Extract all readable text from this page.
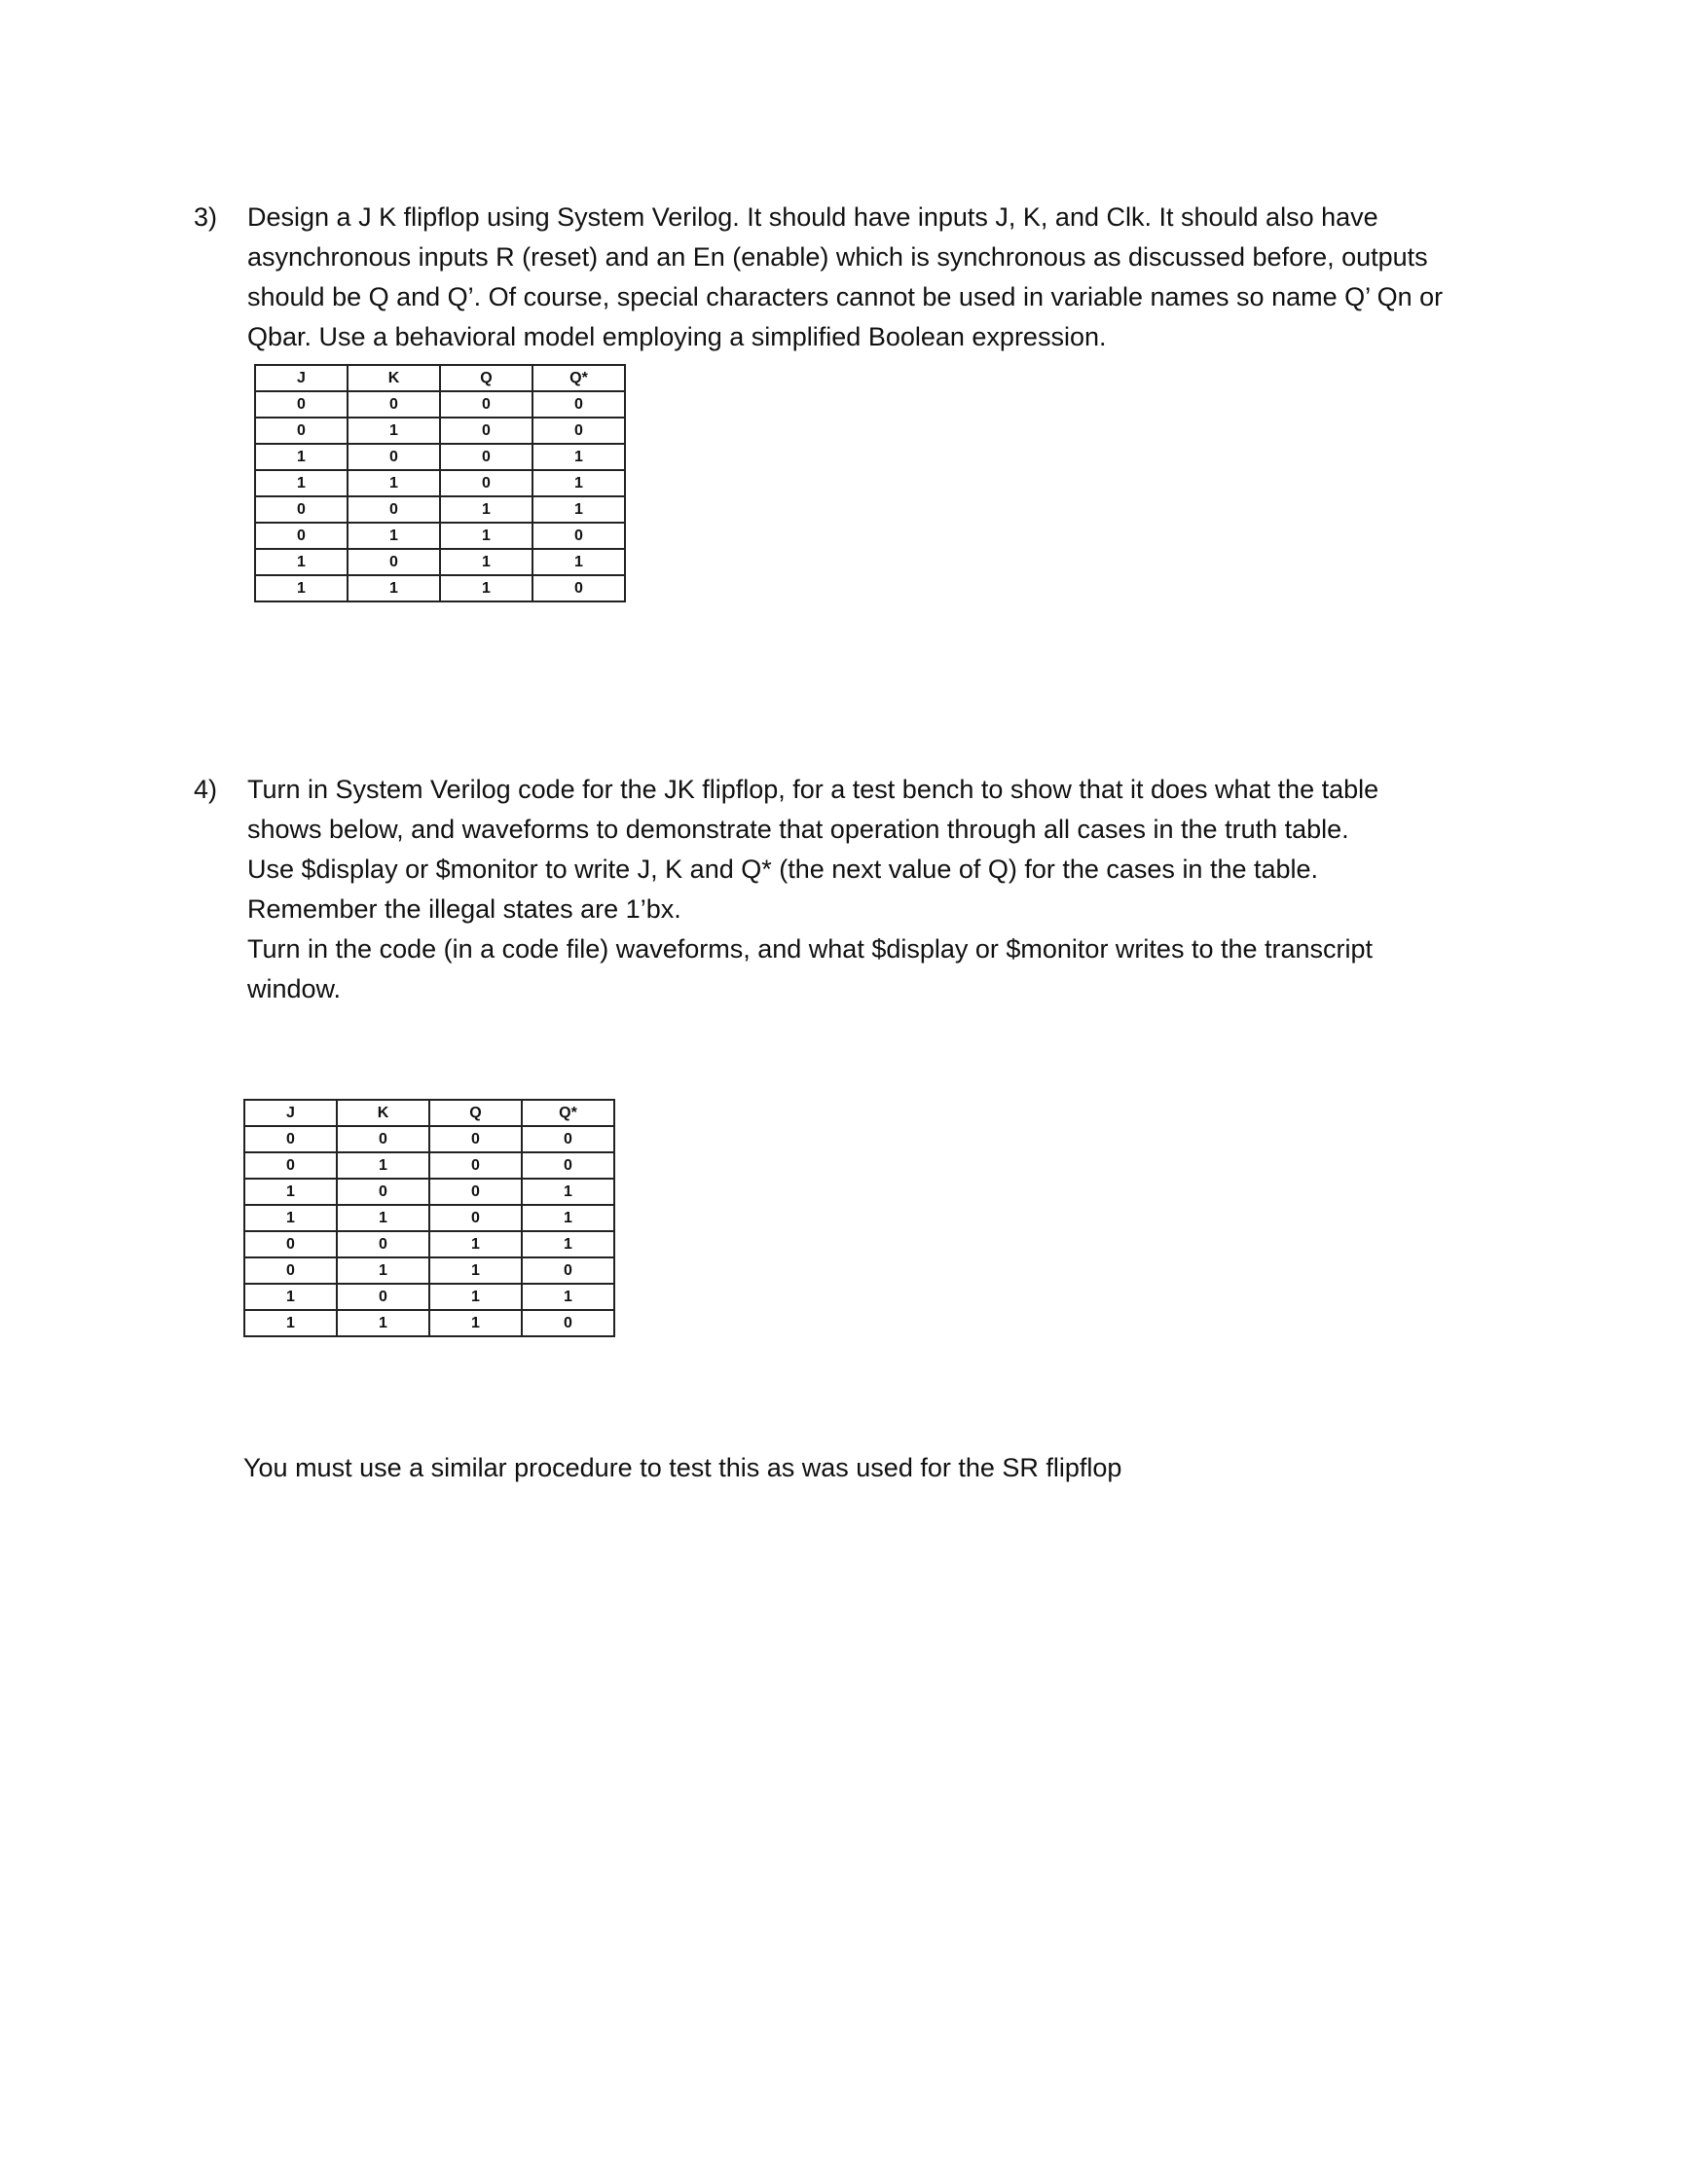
3) Design a J K flipflop using System Verilog. It should have inputs J, K, and Clk. It should also have asynchronous inputs R (reset) and an En (enable) which is synchronous as discussed before, outputs should be Q and Q’. Of course, special characters cannot be used in variable names so name Q’ Qn or Qbar. Use a behavioral model employing a simplified Boolean expression.
J	K	Q	Q*
0	0	0	0
0	1	0	0
1	0	0	1
1	1	0	1
0	0	1	1
0	1	1	0
1	0	1	1
1	1	1	0
4) Turn in System Verilog code for the JK flipflop, for a test bench to show that it does what the table
shows below, and waveforms to demonstrate that operation through all cases in the truth table.
Use $display or $monitor to write J, K and Q* (the next value of Q) for the cases in the table.
Remember the illegal states are 1’bx.
Turn in the code (in a code file) waveforms, and what $display or $monitor writes to the transcript
window.
J	K	Q	Q*
0	0	0	0
0	1	0	0
1	0	0	1
1	1	0	1
0	0	1	1
0	1	1	0
1	0	1	1
1	1	1	0
You must use a similar procedure to test this as was used for the SR flipflop
